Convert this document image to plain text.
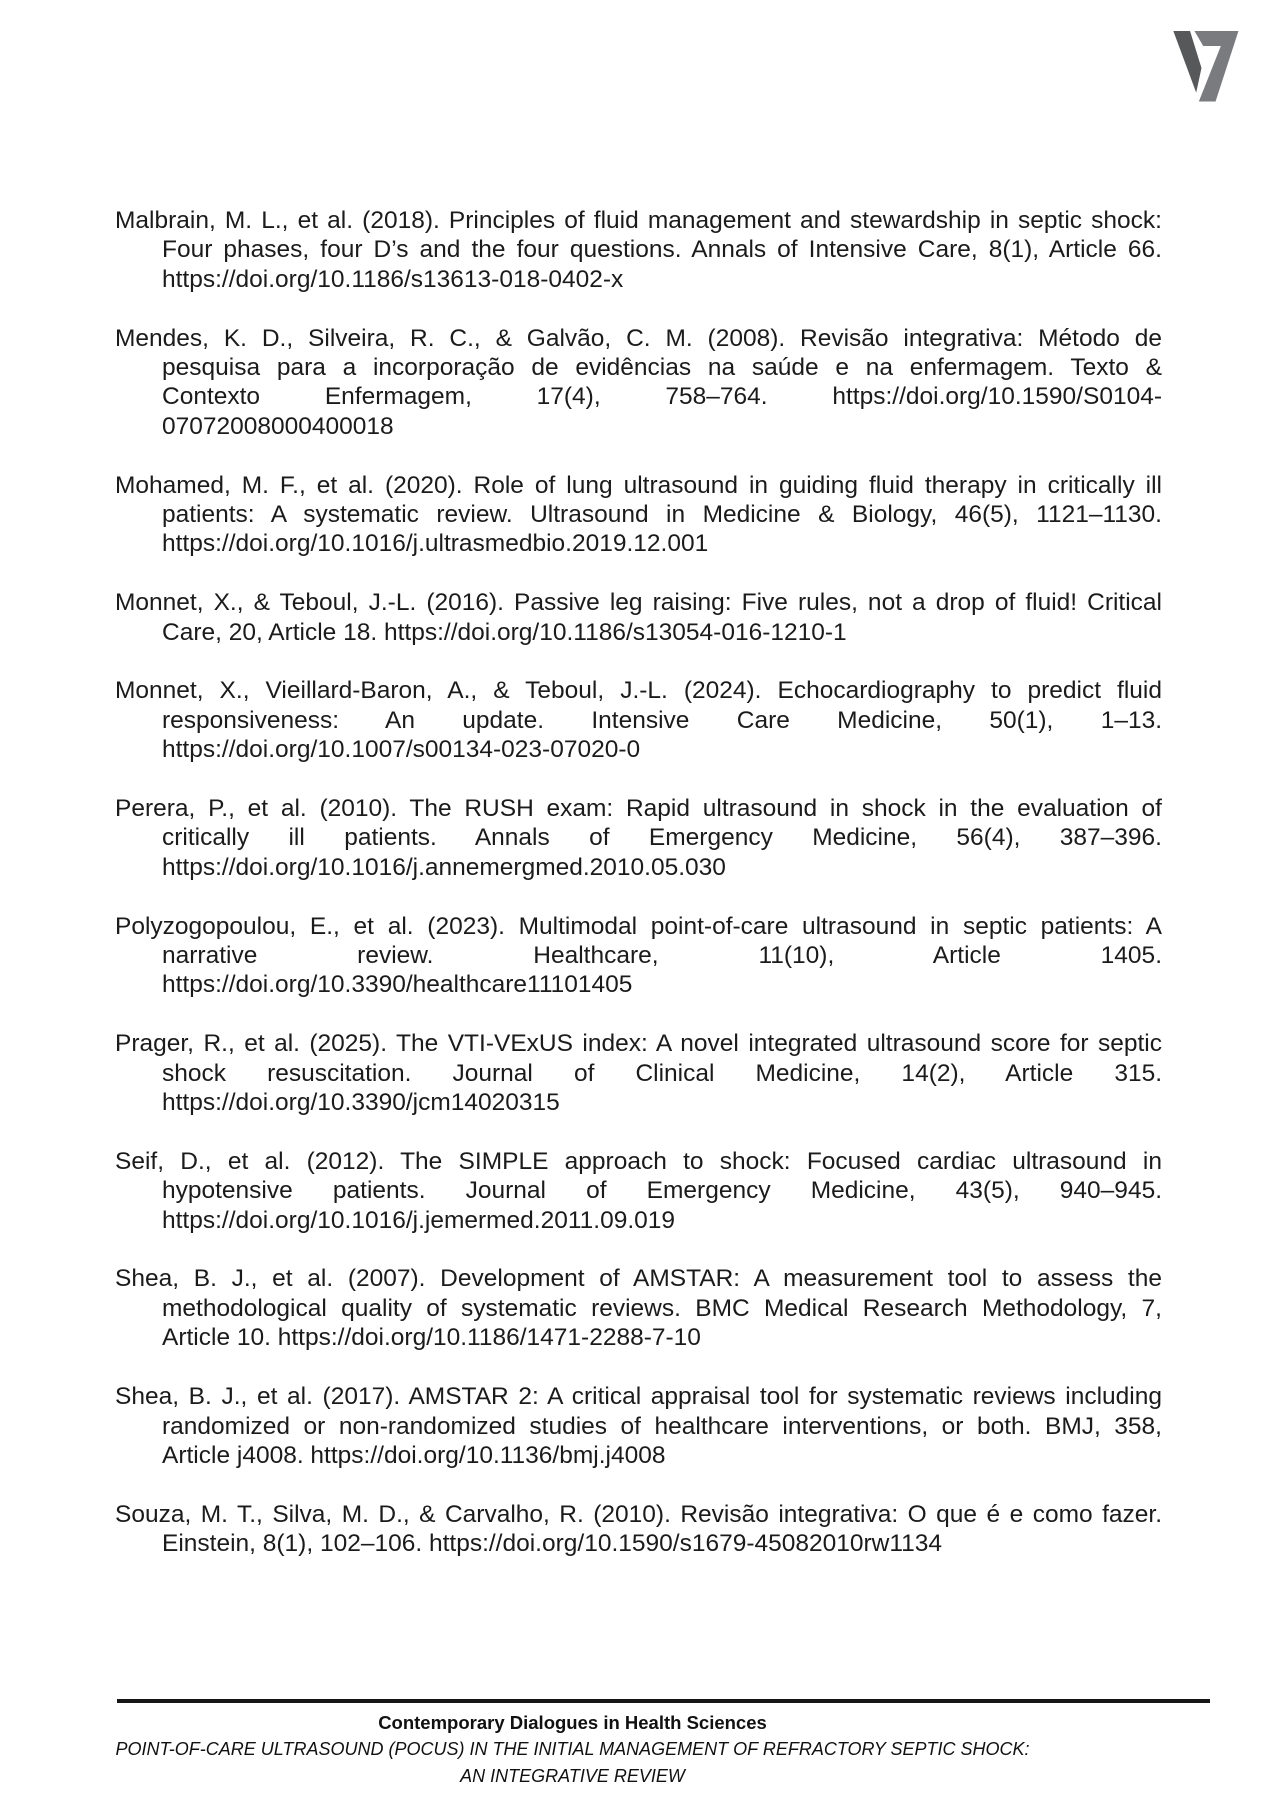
Malbrain, M. L., et al. (2018). Principles of fluid management and stewardship in septic shock:
Four phases, four D’s and the four questions. Annals of Intensive Care, 8(1), Article 66.
https://doi.org/10.1186/s13613-018-0402-x

Mendes, K. D., Silveira, R. C., & Galvão, C. M. (2008). Revisão integrativa: Método de
pesquisa para a incorporação de evidências na saúde e na enfermagem. Texto &
Contexto Enfermagem, 17(4), 758–764. https://doi.org/10.1590/S0104-
07072008000400018

Mohamed, M. F., et al. (2020). Role of lung ultrasound in guiding fluid therapy in critically ill
patients: A systematic review. Ultrasound in Medicine & Biology, 46(5), 1121–1130.
https://doi.org/10.1016/j.ultrasmedbio.2019.12.001

Monnet, X., & Teboul, J.-L. (2016). Passive leg raising: Five rules, not a drop of fluid! Critical
Care, 20, Article 18. https://doi.org/10.1186/s13054-016-1210-1

Monnet, X., Vieillard-Baron, A., & Teboul, J.-L. (2024). Echocardiography to predict fluid
responsiveness: An update. Intensive Care Medicine, 50(1), 1–13.
https://doi.org/10.1007/s00134-023-07020-0

Perera, P., et al. (2010). The RUSH exam: Rapid ultrasound in shock in the evaluation of
critically ill patients. Annals of Emergency Medicine, 56(4), 387–396.
https://doi.org/10.1016/j.annemergmed.2010.05.030

Polyzogopoulou, E., et al. (2023). Multimodal point-of-care ultrasound in septic patients: A
narrative review. Healthcare, 11(10), Article 1405.
https://doi.org/10.3390/healthcare11101405

Prager, R., et al. (2025). The VTI-VExUS index: A novel integrated ultrasound score for septic
shock resuscitation. Journal of Clinical Medicine, 14(2), Article 315.
https://doi.org/10.3390/jcm14020315

Seif, D., et al. (2012). The SIMPLE approach to shock: Focused cardiac ultrasound in
hypotensive patients. Journal of Emergency Medicine, 43(5), 940–945.
https://doi.org/10.1016/j.jemermed.2011.09.019

Shea, B. J., et al. (2007). Development of AMSTAR: A measurement tool to assess the
methodological quality of systematic reviews. BMC Medical Research Methodology, 7,
Article 10. https://doi.org/10.1186/1471-2288-7-10

Shea, B. J., et al. (2017). AMSTAR 2: A critical appraisal tool for systematic reviews including
randomized or non-randomized studies of healthcare interventions, or both. BMJ, 358,
Article j4008. https://doi.org/10.1136/bmj.j4008

Souza, M. T., Silva, M. D., & Carvalho, R. (2010). Revisão integrativa: O que é e como fazer.
Einstein, 8(1), 102–106. https://doi.org/10.1590/s1679-45082010rw1134

Contemporary Dialogues in Health Sciences
POINT-OF-CARE ULTRASOUND (POCUS) IN THE INITIAL MANAGEMENT OF REFRACTORY SEPTIC SHOCK: AN INTEGRATIVE REVIEW
